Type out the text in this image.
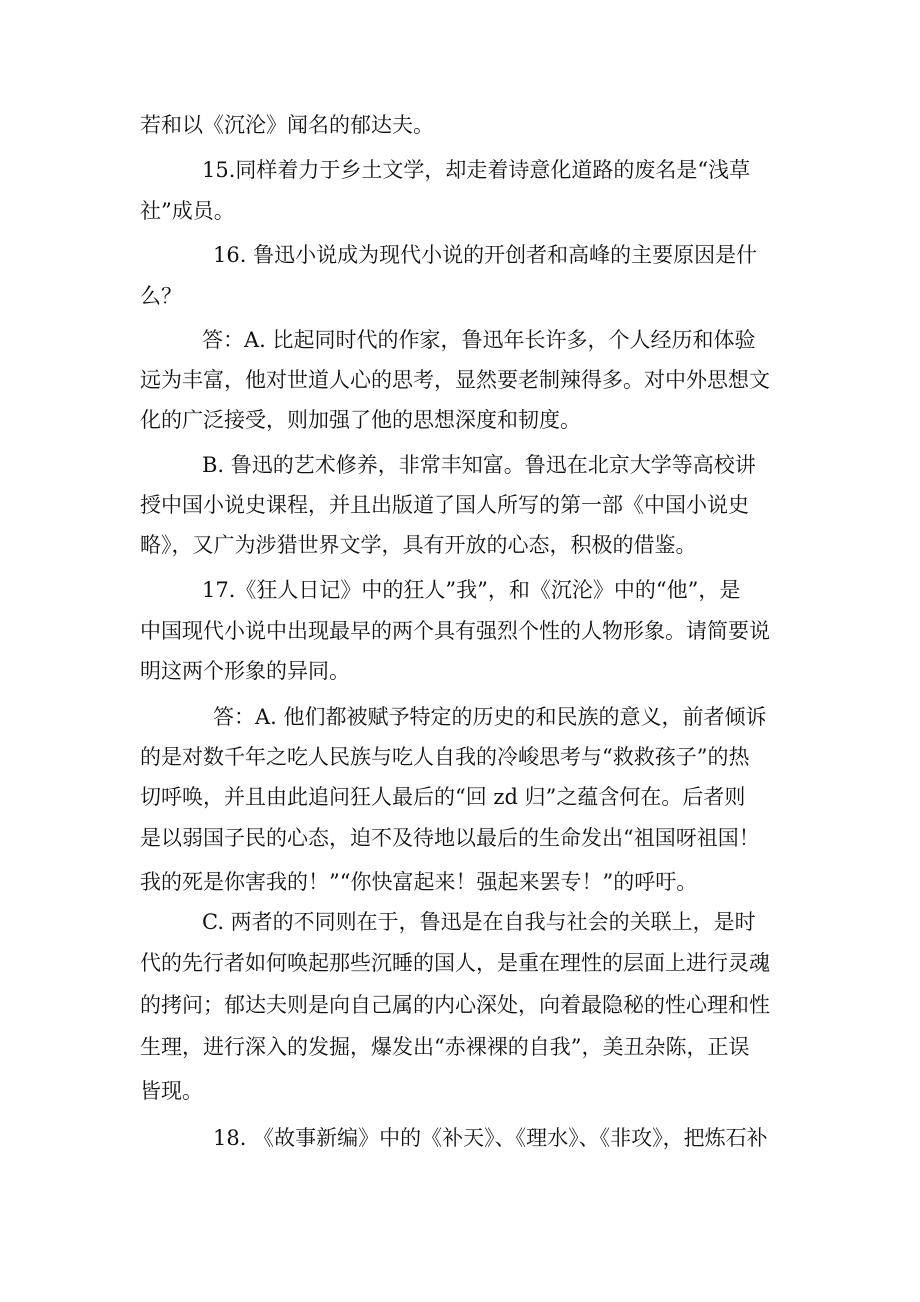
若和以《沉沦》闻名的郁达夫。

15.同样着力于乡土文学，却走着诗意化道路的废名是“浅草

社”成员。

16. 鲁迅小说成为现代小说的开创者和高峰的主要原因是什

么？

答：A. 比起同时代的作家，鲁迅年长许多，个人经历和体验

远为丰富，他对世道人心的思考，显然要老制辣得多。对中外思想文

化的广泛接受，则加强了他的思想深度和韧度。

B. 鲁迅的艺术修养，非常丰知富。鲁迅在北京大学等高校讲

授中国小说史课程，并且出版道了国人所写的第一部《中国小说史

略》，又广为涉猎世界文学，具有开放的心态，积极的借鉴。

17.《狂人日记》中的狂人”我”，和《沉沦》中的“他”，是

中国现代小说中出现最早的两个具有强烈个性的人物形象。请简要说

明这两个形象的异同。

答：A. 他们都被赋予特定的历史的和民族的意义，前者倾诉

的是对数千年之吃人民族与吃人自我的冷峻思考与“救救孩子”的热

切呼唤，并且由此追问狂人最后的“回 zd 归”之蕴含何在。后者则

是以弱国子民的心态，迫不及待地以最后的生命发出“祖国呀祖国！

我的死是你害我的！”“你快富起来！强起来罢专！”的呼吁。

C. 两者的不同则在于，鲁迅是在自我与社会的关联上，是时

代的先行者如何唤起那些沉睡的国人，是重在理性的层面上进行灵魂

的拷问；郁达夫则是向自己属的内心深处，向着最隐秘的性心理和性

生理，进行深入的发掘，爆发出“赤裸裸的自我”，美丑杂陈，正误

皆现。

18. 《故事新编》中的《补天》、《理水》、《非攻》，把炼石补
